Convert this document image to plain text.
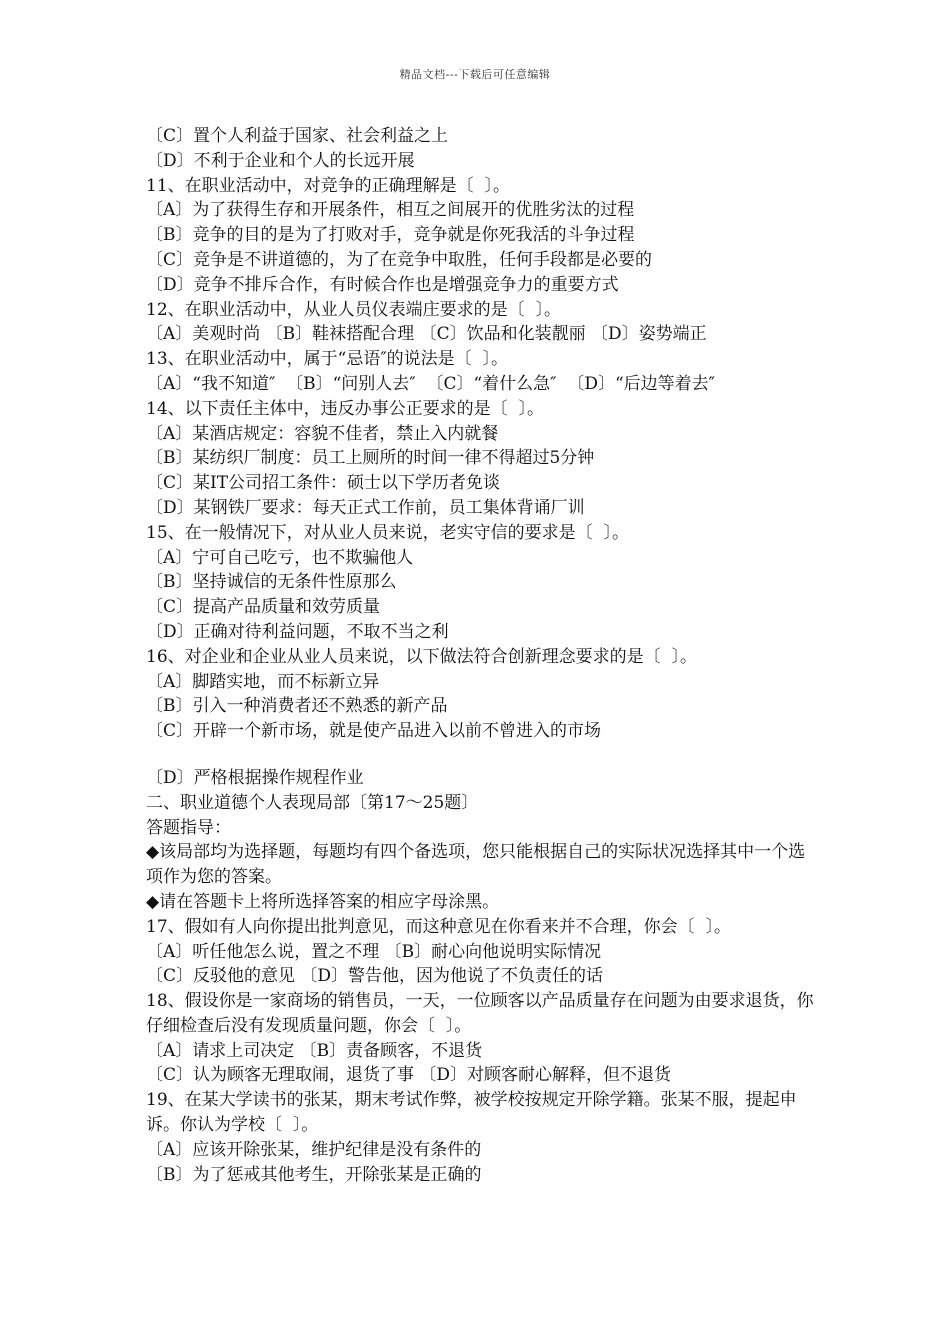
精品文档---下载后可任意编辑
〔C〕置个人利益于国家、社会利益之上
〔D〕不利于企业和个人的长远开展
11、在职业活动中，对竞争的正确理解是〔  〕。
〔A〕为了获得生存和开展条件，相互之间展开的优胜劣汰的过程
〔B〕竞争的目的是为了打败对手，竞争就是你死我活的斗争过程
〔C〕竞争是不讲道德的，为了在竞争中取胜，任何手段都是必要的
〔D〕竞争不排斥合作，有时候合作也是增强竞争力的重要方式
12、在职业活动中，从业人员仪表端庄要求的是〔  〕。
〔A〕美观时尚 〔B〕鞋袜搭配合理 〔C〕饮品和化装靓丽 〔D〕姿势端正
13、在职业活动中，属于“忌语″的说法是〔  〕。
〔A〕“我不知道″  〔B〕“问别人去″  〔C〕“着什么急″  〔D〕“后边等着去″
14、以下责任主体中，违反办事公正要求的是〔  〕。
〔A〕某酒店规定：容貌不佳者，禁止入内就餐
〔B〕某纺织厂制度：员工上厕所的时间一律不得超过5分钟
〔C〕某IT公司招工条件：硕士以下学历者免谈
〔D〕某钢铁厂要求：每天正式工作前，员工集体背诵厂训
15、在一般情况下，对从业人员来说，老实守信的要求是〔  〕。
〔A〕宁可自己吃亏，也不欺骗他人
〔B〕坚持诚信的无条件性原那么
〔C〕提高产品质量和效劳质量
〔D〕正确对待利益问题，不取不当之利
16、对企业和企业从业人员来说，以下做法符合创新理念要求的是〔  〕。
〔A〕脚踏实地，而不标新立异
〔B〕引入一种消费者还不熟悉的新产品
〔C〕开辟一个新市场，就是使产品进入以前不曾进入的市场
〔D〕严格根据操作规程作业
二、职业道德个人表现局部〔第17～25题〕
答题指导：
◆该局部均为选择题，每题均有四个备选项，您只能根据自己的实际状况选择其中一个选项作为您的答案。
◆请在答题卡上将所选择答案的相应字母涂黑。
17、假如有人向你提出批判意见，而这种意见在你看来并不合理，你会〔  〕。
〔A〕听任他怎么说，置之不理 〔B〕耐心向他说明实际情况
〔C〕反驳他的意见 〔D〕警告他，因为他说了不负责任的话
18、假设你是一家商场的销售员，一天，一位顾客以产品质量存在问题为由要求退货，你仔细检查后没有发现质量问题，你会〔  〕。
〔A〕请求上司决定 〔B〕责备顾客，不退货
〔C〕认为顾客无理取闹，退货了事 〔D〕对顾客耐心解释，但不退货
19、在某大学读书的张某，期末考试作弊，被学校按规定开除学籍。张某不服，提起申诉。你认为学校〔  〕。
〔A〕应该开除张某，维护纪律是没有条件的
〔B〕为了惩戒其他考生，开除张某是正确的
